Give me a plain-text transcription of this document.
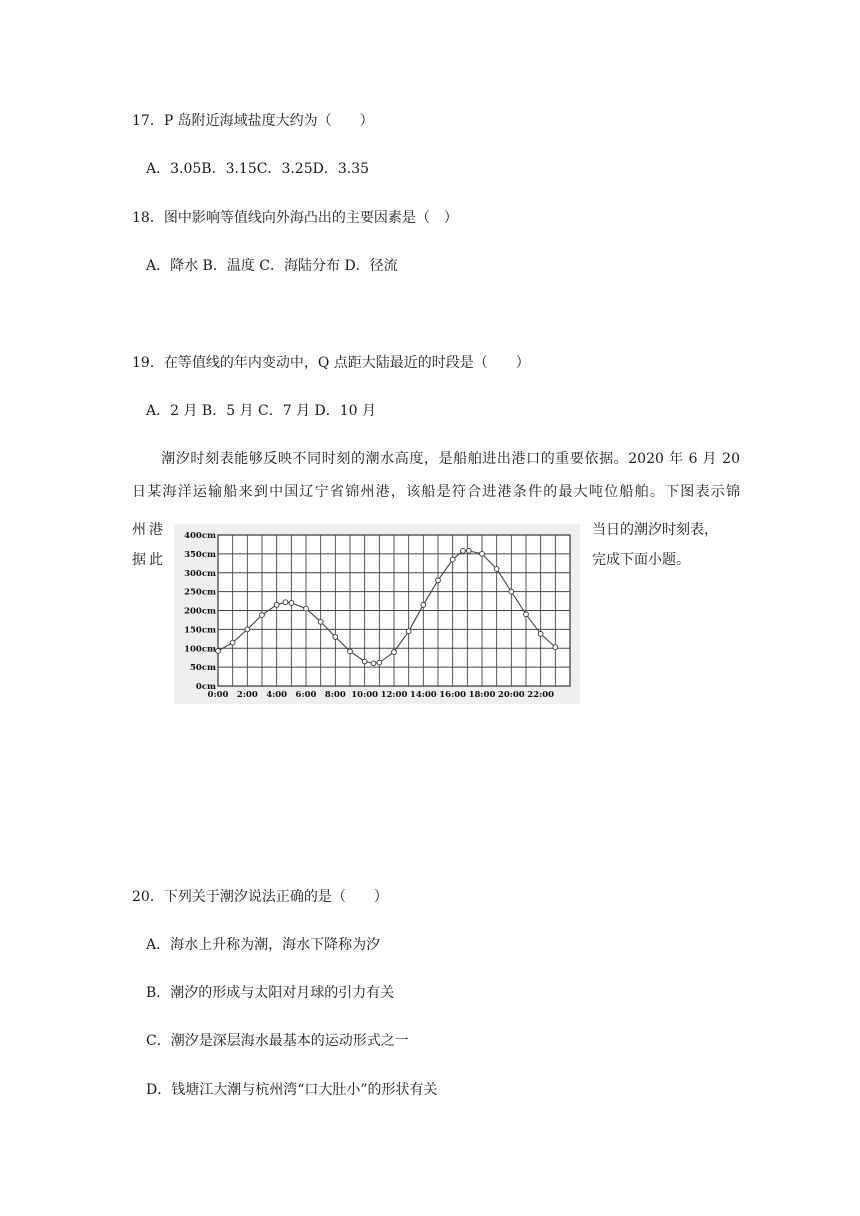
17．P 岛附近海域盐度大约为（　　）
A．3.05B．3.15C．3.25D．3.35
18．图中影响等值线向外海凸出的主要因素是（　）
A．降水 B．温度 C．海陆分布 D．径流
19．在等值线的年内变动中，Q 点距大陆最近的时段是（　　）
A．2 月 B．5 月 C．7 月 D．10 月
　　潮汐时刻表能够反映不同时刻的潮水高度，是船舶进出港口的重要依据。2020 年 6 月 20
日某海洋运输船来到中国辽宁省锦州港，该船是符合进港条件的最大吨位船舶。下图表示锦
州港	当日的潮汐时刻表，
据此	完成下面小题。
0cm
50cm
100cm
150cm
200cm
250cm
300cm
350cm
400cm
0:00 2:00 4:00 6:00 8:00 10:00 12:00 14:00 16:00 18:00 20:00 22:00
20．下列关于潮汐说法正确的是（　　）
A．海水上升称为潮，海水下降称为汐
B．潮汐的形成与太阳对月球的引力有关
C．潮汐是深层海水最基本的运动形式之一
D．钱塘江大潮与杭州湾“口大肚小”的形状有关
